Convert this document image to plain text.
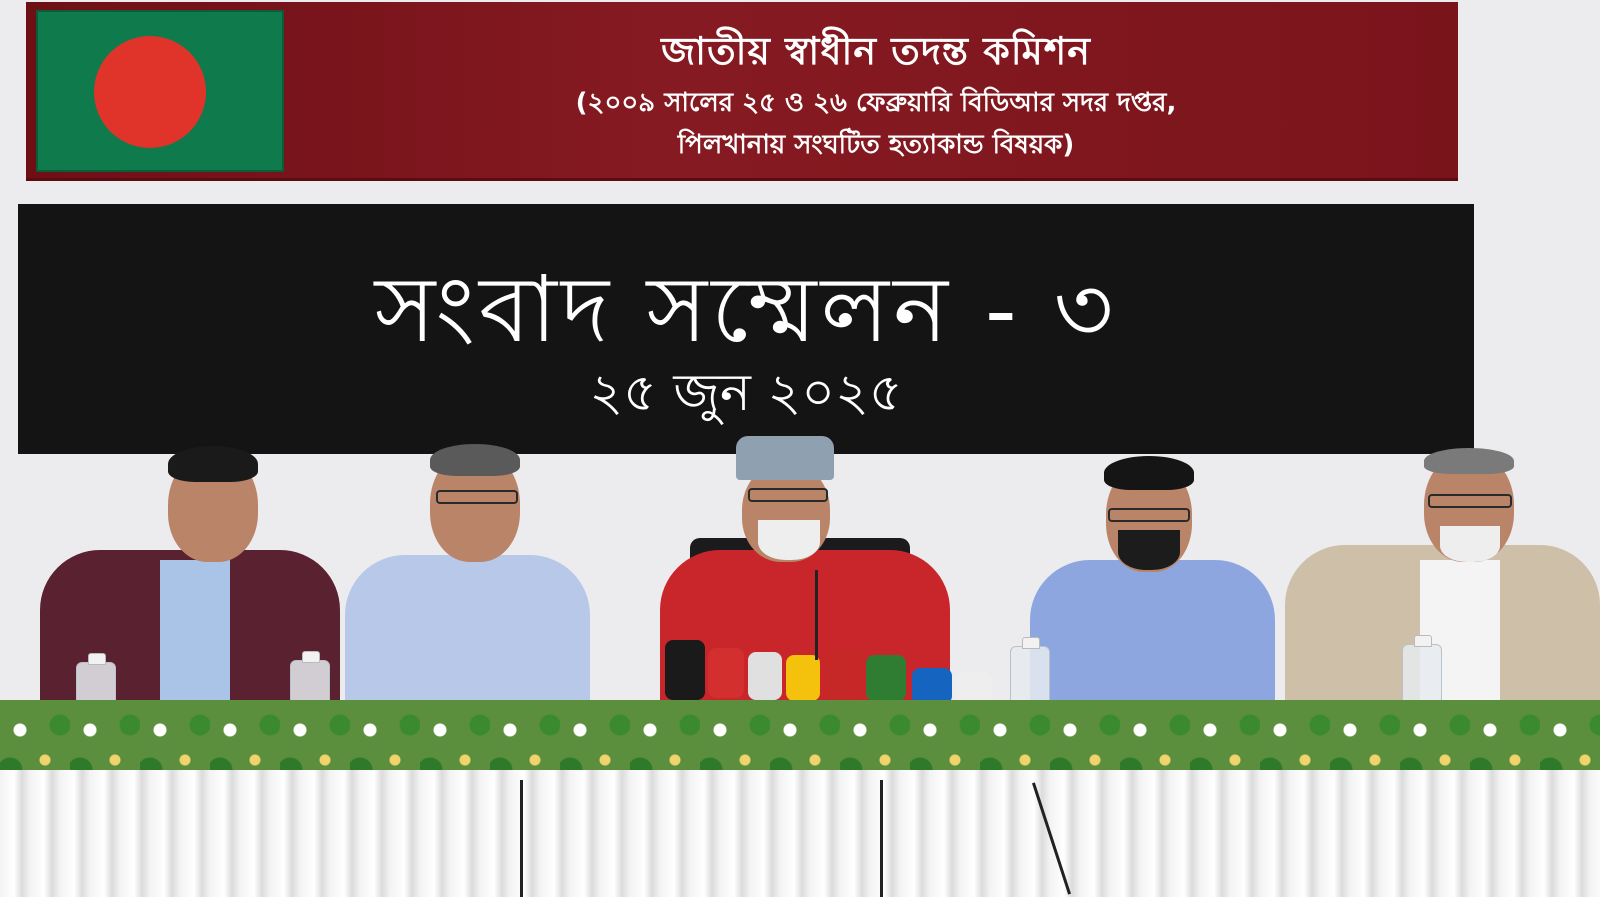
জাতীয় স্বাধীন তদন্ত কমিশন
(২০০৯ সালের ২৫ ও ২৬ ফেব্রুয়ারি বিডিআর সদর দপ্তর,
পিলখানায় সংঘটিত হত্যাকান্ড বিষয়ক)
সংবাদ সম্মেলন - ৩
২৫ জুন ২০২৫
